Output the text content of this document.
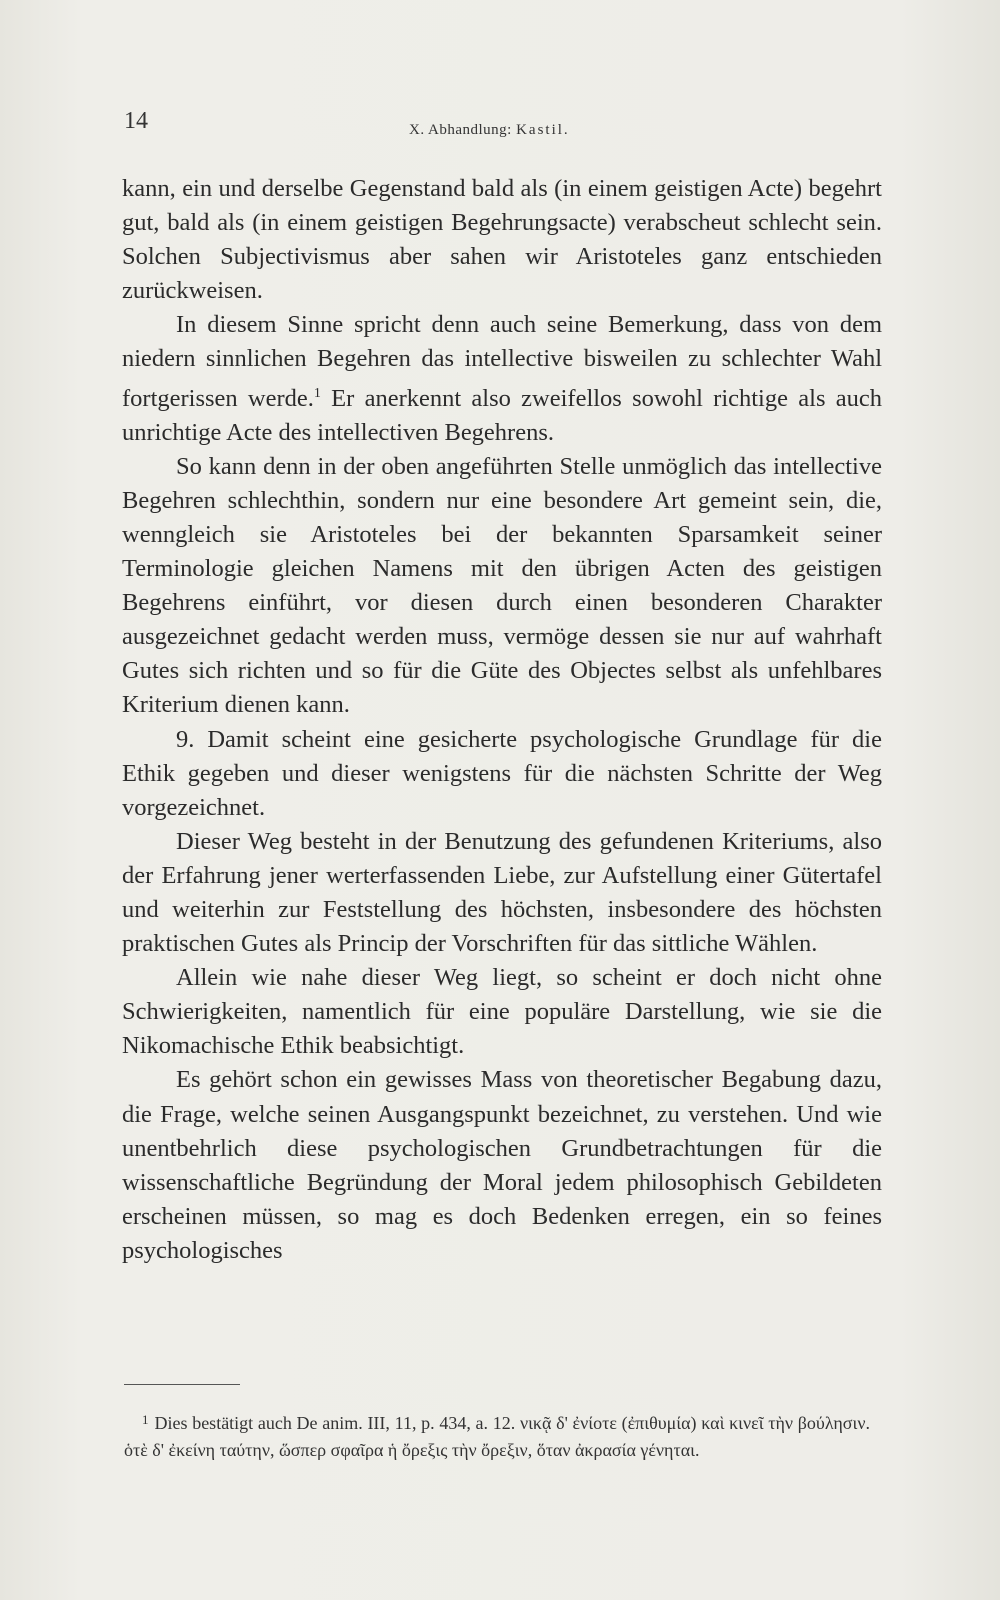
14	X. Abhandlung: Kastil.

kann, ein und derselbe Gegenstand bald als (in einem geistigen Acte) begehrt gut, bald als (in einem geistigen Begehrungsacte) verabscheut schlecht sein. Solchen Subjectivismus aber sahen wir Aristoteles ganz entschieden zurückweisen.

In diesem Sinne spricht denn auch seine Bemerkung, dass von dem niedern sinnlichen Begehren das intellective bisweilen zu schlechter Wahl fortgerissen werde.$^1$ Er anerkennt also zweifellos sowohl richtige als auch unrichtige Acte des intellectiven Begehrens.

So kann denn in der oben angeführten Stelle unmöglich das intellective Begehren schlechthin, sondern nur eine besondere Art gemeint sein, die, wenngleich sie Aristoteles bei der bekannten Sparsamkeit seiner Terminologie gleichen Namens mit den übrigen Acten des geistigen Begehrens einführt, vor diesen durch einen besonderen Charakter ausgezeichnet gedacht werden muss, vermöge dessen sie nur auf wahrhaft Gutes sich richten und so für die Güte des Objectes selbst als unfehlbares Kriterium dienen kann.

9. Damit scheint eine gesicherte psychologische Grundlage für die Ethik gegeben und dieser wenigstens für die nächsten Schritte der Weg vorgezeichnet.

Dieser Weg besteht in der Benutzung des gefundenen Kriteriums, also der Erfahrung jener werterfassenden Liebe, zur Aufstellung einer Gütertafel und weiterhin zur Feststellung des höchsten, insbesondere des höchsten praktischen Gutes als Princip der Vorschriften für das sittliche Wählen.

Allein wie nahe dieser Weg liegt, so scheint er doch nicht ohne Schwierigkeiten, namentlich für eine populäre Darstellung, wie sie die Nikomachische Ethik beabsichtigt.

Es gehört schon ein gewisses Mass von theoretischer Begabung dazu, die Frage, welche seinen Ausgangspunkt bezeichnet, zu verstehen. Und wie unentbehrlich diese psychologischen Grundbetrachtungen für die wissenschaftliche Begründung der Moral jedem philosophisch Gebildeten erscheinen müssen, so mag es doch Bedenken erregen, ein so feines psychologisches

$^1$ Dies bestätigt auch De anim. III, 11, p. 434, a. 12. νικᾷ δ' ἐνίοτε (ἐπιθυμία) καὶ κινεῖ τὴν βούλησιν. ὁτὲ δ' ἐκείνη ταύτην, ὥσπερ σφαῖρα ἡ ὄρεξις τὴν ὄρεξιν, ὅταν ἀκρασία γένηται.
